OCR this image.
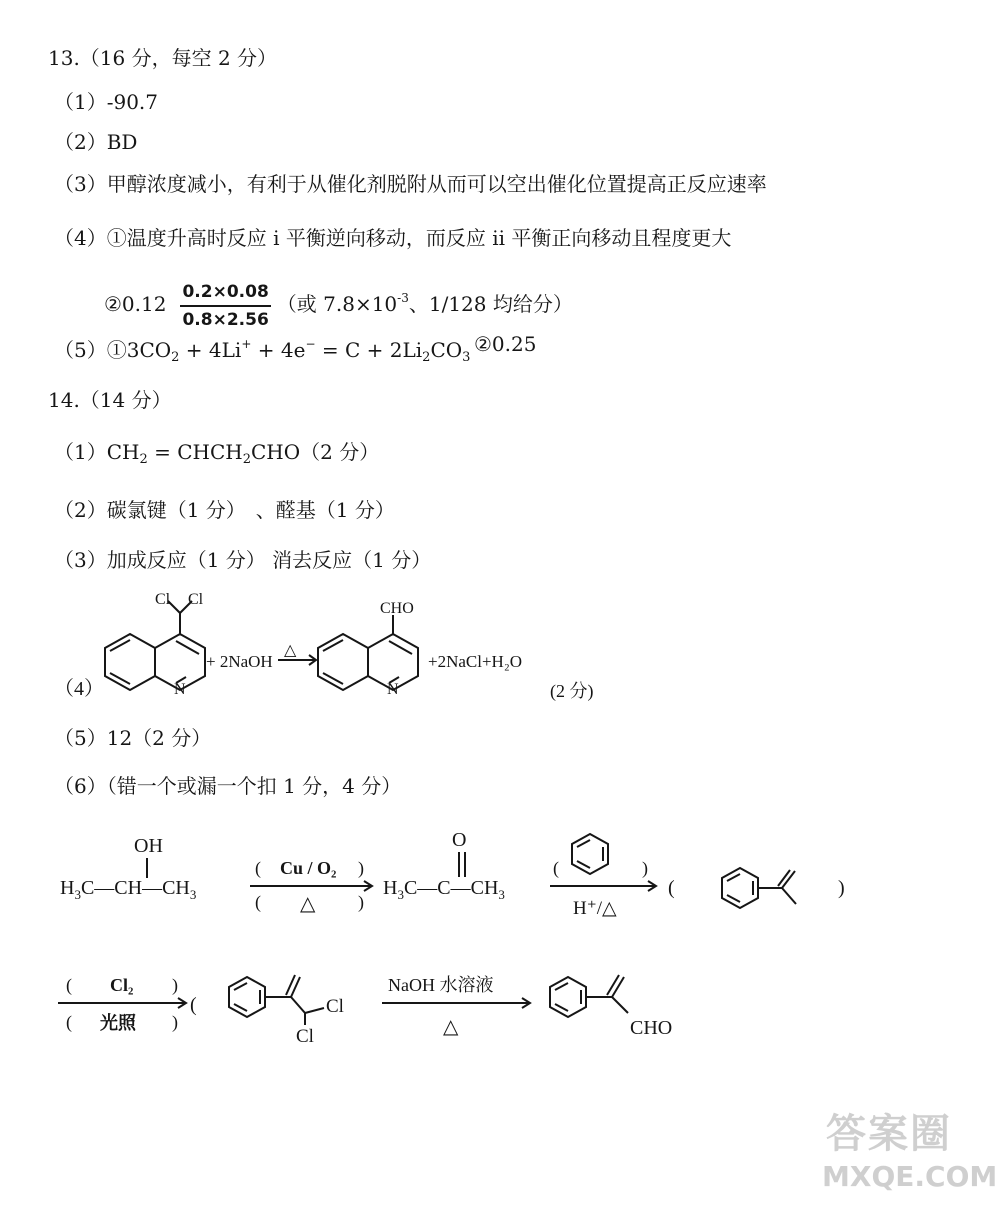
13.（16 分，每空 2 分）
（1）-90.7
（2）BD
（3）甲醇浓度减小，有利于从催化剂脱附从而可以空出催化位置提高正反应速率
（4）①温度升高时反应 i 平衡逆向移动，而反应 ii 平衡正向移动且程度更大
②0.12 $\frac{0.2\times 0.08}{0.8\times 2.56}$ （或 $7.8\times 10^{-3}$、1/128 均给分）
$(5)①3CO_2 + 4Li^+ + 4e^- = C + 2Li_2CO_3$
②0.25
14.（14 分）
$(1)CH_2$ = $CHCH_2CHO(2$ 分）
（2）碳氯键（1 分）　、醛基（1 分）
（3）加成反应（1 分） 消去反应（1 分）
（4）
Cl Cl
N
+ 2NaOH
△
CHO
N
+2NaCl+H₂O
(2 分)
（5）12（2 分）
（6）（错一个或漏一个扣 1 分，4 分）
OH
$H_3C—CH—CH_3$
( Cu / O₂ )
( △ )
O
$H_3C—C—CH_3$
(	)
H⁺/△
(	)
( Cl₂ )
( 光照 )
(	Cl
Cl
NaOH 水溶液
△	CHO
答案圈
MXQE.COM
